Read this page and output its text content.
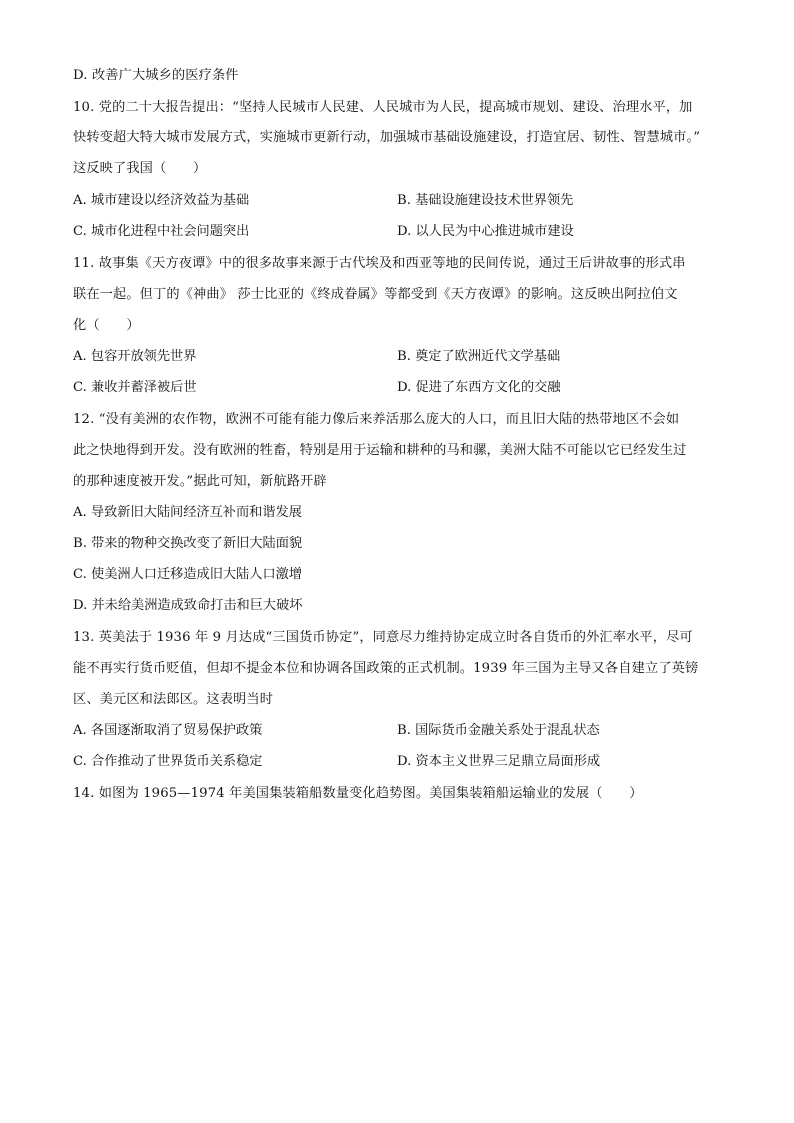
D. 改善广大城乡的医疗条件
10. 党的二十大报告提出：“坚持人民城市人民建、人民城市为人民，提高城市规划、建设、治理水平，加
快转变超大特大城市发展方式，实施城市更新行动，加强城市基础设施建设，打造宜居、韧性、智慧城市。”
这反映了我国（　　）
A. 城市建设以经济效益为基础	B. 基础设施建设技术世界领先
C. 城市化进程中社会问题突出	D. 以人民为中心推进城市建设
11. 故事集《天方夜谭》中的很多故事来源于古代埃及和西亚等地的民间传说，通过王后讲故事的形式串
联在一起。但丁的《神曲》 莎士比亚的《终成眷属》等都受到《天方夜谭》的影响。这反映出阿拉伯文
化（　　）
A. 包容开放领先世界	B. 奠定了欧洲近代文学基础
C. 兼收并蓄泽被后世	D. 促进了东西方文化的交融
12. “没有美洲的农作物，欧洲不可能有能力像后来养活那么庞大的人口，而且旧大陆的热带地区不会如
此之快地得到开发。没有欧洲的牲畜，特别是用于运输和耕种的马和骡，美洲大陆不可能以它已经发生过
的那种速度被开发。”据此可知，新航路开辟
A. 导致新旧大陆间经济互补而和谐发展
B. 带来的物种交换改变了新旧大陆面貌
C. 使美洲人口迁移造成旧大陆人口激增
D. 并未给美洲造成致命打击和巨大破坏
13. 英美法于 1936 年 9 月达成“三国货币协定”，同意尽力维持协定成立时各自货币的外汇率水平，尽可
能不再实行货币贬值，但却不提金本位和协调各国政策的正式机制。1939 年三国为主导又各自建立了英镑
区、美元区和法郎区。这表明当时
A. 各国逐渐取消了贸易保护政策	B. 国际货币金融关系处于混乱状态
C. 合作推动了世界货币关系稳定	D. 资本主义世界三足鼎立局面形成
14. 如图为 1965—1974 年美国集装箱船数量变化趋势图。美国集装箱船运输业的发展（　　）
